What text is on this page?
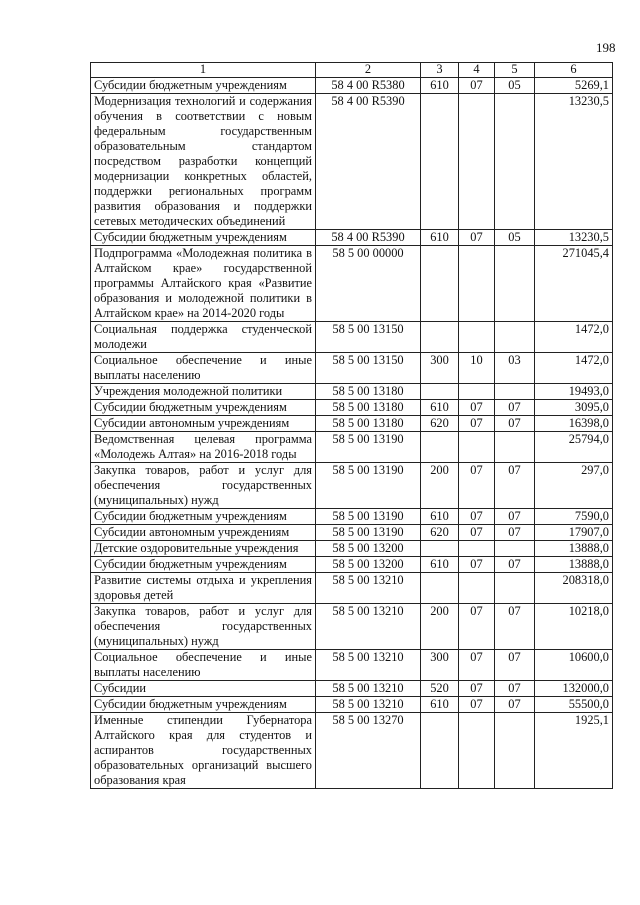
198
1	2	3	4	5	6
Субсидии бюджетным учреждениям	58 4 00 R5380	610	07	05	5269,1
Модернизация технологий и содержания обучения в соответствии с новым федеральным государственным образовательным стандартом посредством разработки концепций модернизации конкретных областей, поддержки региональных программ развития образования и поддержки сетевых методических объединений	58 4 00 R5390				13230,5
Субсидии бюджетным учреждениям	58 4 00 R5390	610	07	05	13230,5
Подпрограмма «Молодежная политика в Алтайском крае» государственной программы Алтайского края «Развитие образования и молодежной политики в Алтайском крае» на 2014-2020 годы	58 5 00 00000				271045,4
Социальная поддержка студенческой молодежи	58 5 00 13150				1472,0
Социальное обеспечение и иные выплаты населению	58 5 00 13150	300	10	03	1472,0
Учреждения молодежной политики	58 5 00 13180				19493,0
Субсидии бюджетным учреждениям	58 5 00 13180	610	07	07	3095,0
Субсидии автономным учреждениям	58 5 00 13180	620	07	07	16398,0
Ведомственная целевая программа «Молодежь Алтая» на 2016-2018 годы	58 5 00 13190				25794,0
Закупка товаров, работ и услуг для обеспечения государственных (муниципальных) нужд	58 5 00 13190	200	07	07	297,0
Субсидии бюджетным учреждениям	58 5 00 13190	610	07	07	7590,0
Субсидии автономным учреждениям	58 5 00 13190	620	07	07	17907,0
Детские оздоровительные учреждения	58 5 00 13200				13888,0
Субсидии бюджетным учреждениям	58 5 00 13200	610	07	07	13888,0
Развитие системы отдыха и укрепления здоровья детей	58 5 00 13210				208318,0
Закупка товаров, работ и услуг для обеспечения государственных (муниципальных) нужд	58 5 00 13210	200	07	07	10218,0
Социальное обеспечение и иные выплаты населению	58 5 00 13210	300	07	07	10600,0
Субсидии	58 5 00 13210	520	07	07	132000,0
Субсидии бюджетным учреждениям	58 5 00 13210	610	07	07	55500,0
Именные стипендии Губернатора Алтайского края для студентов и аспирантов государственных образовательных организаций высшего образования края	58 5 00 13270				1925,1
